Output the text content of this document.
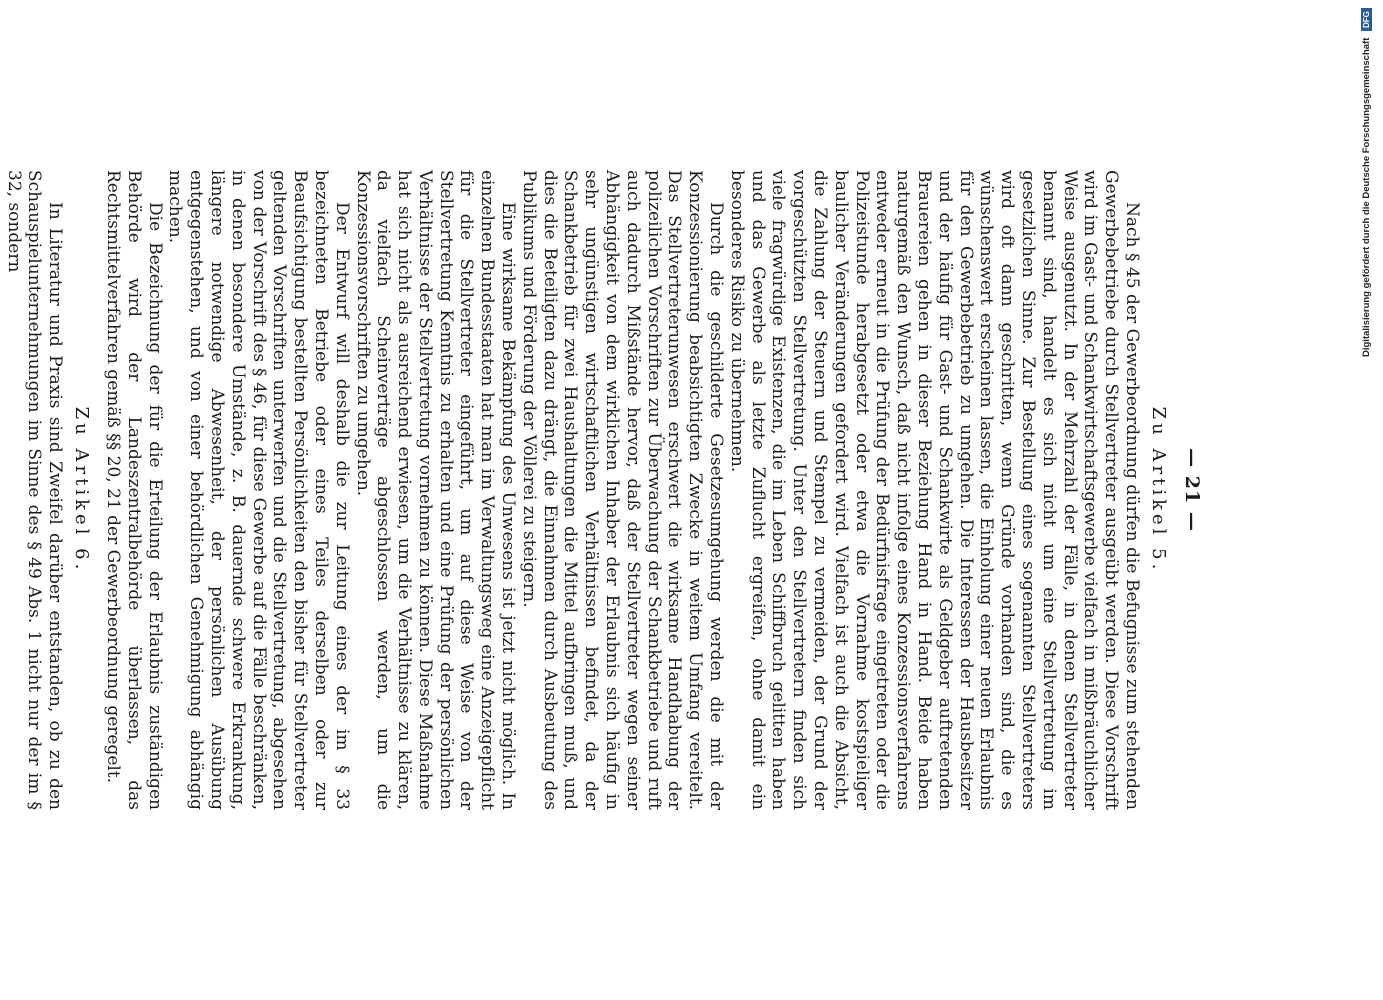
— 21 —
Zu Artikel 5.

Nach § 45 der Gewerbeordnung dürfen die Befugnisse zum stehenden Gewerbebetriebe durch Stellvertreter ausgeübt werden. Diese Vorschrift wird im Gast- und Schankwirtschaftsgewerbe vielfach in mißbräuchlicher Weise ausgenutzt. In der Mehrzahl der Fälle, in denen Stellvertreter benannt sind, handelt es sich nicht um eine Stellvertretung im gesetzlichen Sinne. Zur Bestellung eines sogenannten Stellvertreters wird oft dann geschritten, wenn Gründe vorhanden sind, die es wünschenswert erscheinen lassen, die Einholung einer neuen Erlaubnis für den Gewerbebetrieb zu umgehen. Die Interessen der Hausbesitzer und der häufig für Gast- und Schankwirte als Geldgeber auftretenden Brauereien gehen in dieser Beziehung Hand in Hand. Beide haben naturgemäß den Wunsch, daß nicht infolge eines Konzessionsverfahrens entweder erneut in die Prüfung der Bedürfnisfrage eingetreten oder die Polizeistunde herabgesetzt oder etwa die Vornahme kostspieliger baulicher Veränderungen gefordert wird. Vielfach ist auch die Absicht, die Zahlung der Steuern und Stempel zu vermeiden, der Grund der vorgeschützten Stellvertretung. Unter den Stellvertretern finden sich viele fragwürdige Existenzen, die im Leben Schiffbruch gelitten haben und das Gewerbe als letzte Zuflucht ergreifen, ohne damit ein besonderes Risiko zu übernehmen.

Durch die geschilderte Gesetzesumgehung werden die mit der Konzessionierung beabsichtigten Zwecke in weitem Umfang vereitelt. Das Stellvertreterunwesen erschwert die wirksame Handhabung der polizeilichen Vorschriften zur Überwachung der Schankbetriebe und ruft auch dadurch Mißstände hervor, daß der Stellvertreter wegen seiner Abhängigkeit von dem wirklichen Inhaber der Erlaubnis sich häufig in sehr ungünstigen wirtschaftlichen Verhältnissen befindet, da der Schankbetrieb für zwei Haushaltungen die Mittel aufbringen muß, und dies die Beteiligten dazu drängt, die Einnahmen durch Ausbeutung des Publikums und Förderung der Völlerei zu steigern.

Eine wirksame Bekämpfung des Unwesens ist jetzt nicht möglich. In einzelnen Bundesstaaten hat man im Verwaltungsweg eine Anzeigepflicht für die Stellvertreter eingeführt, um auf diese Weise von der Stellvertretung Kenntnis zu erhalten und eine Prüfung der persönlichen Verhältnisse der Stellvertretung vornehmen zu können. Diese Maßnahme hat sich nicht als ausreichend erwiesen, um die Verhältnisse zu klären, da vielfach Scheinverträge abgeschlossen werden, um die Konzessionsvorschriften zu umgehen.

Der Entwurf will deshalb die zur Leitung eines der im § 33 bezeichneten Betriebe oder eines Teiles derselben oder zur Beaufsichtigung bestellten Persönlichkeiten den bisher für Stellvertreter geltenden Vorschriften unterwerfen und die Stellvertretung, abgesehen von der Vorschrift des § 46, für diese Gewerbe auf die Fälle beschränken, in denen besondere Umstände, z. B. dauernde schwere Erkrankung, längere notwendige Abwesenheit, der persönlichen Ausübung entgegenstehen, und von einer behördlichen Genehmigung abhängig machen.

Die Bezeichnung der für die Erteilung der Erlaubnis zuständigen Behörde wird der Landeszentralbehörde überlassen, das Rechtsmittelverfahren gemäß §§ 20, 21 der Gewerbeordnung geregelt.

Zu Artikel 6.

In Literatur und Praxis sind Zweifel darüber entstanden, ob zu den Schauspielunternehmungen im Sinne des § 49 Abs. 1 nicht nur der im § 32, sondern	Digitalisierung gefördert durch die Deutsche Forschungsgemeinschaft DFG
